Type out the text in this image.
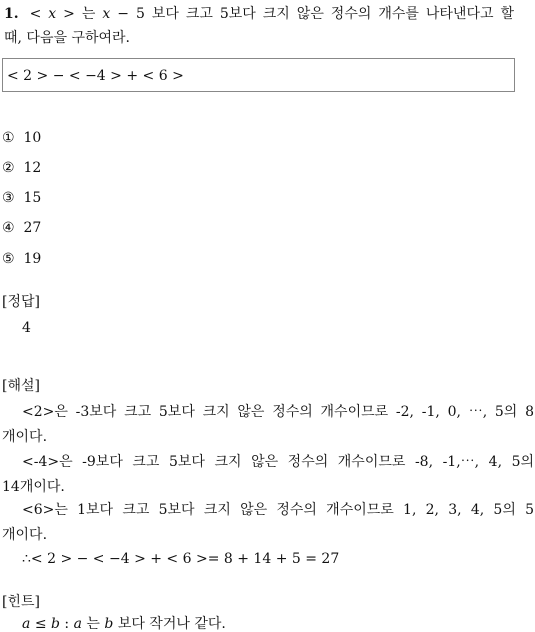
1. < x > 는 x − 5 보다 크고 5보다 크지 않은 정수의 개수를 나타낸다고 할
때, 다음을 구하여라.
< 2 > − < −4 > + < 6 >
① 10
② 12
③ 15
④ 27
⑤ 19
[정답]
4
[해설]
<2>은 -3보다 크고 5보다 크지 않은 정수의 개수이므로 -2, -1, 0, ⋯, 5의 8
개이다.
<-4>은 -9보다 크고 5보다 크지 않은 정수의 개수이므로 -8, -1,⋯, 4, 5의
14개이다.
<6>는 1보다 크고 5보다 크지 않은 정수의 개수이므로 1, 2, 3, 4, 5의 5
개이다.
∴< 2 > − < −4 > + < 6 >= 8 + 14 + 5 = 27
[힌트]
a ≤ b : a 는 b 보다 작거나 같다.
